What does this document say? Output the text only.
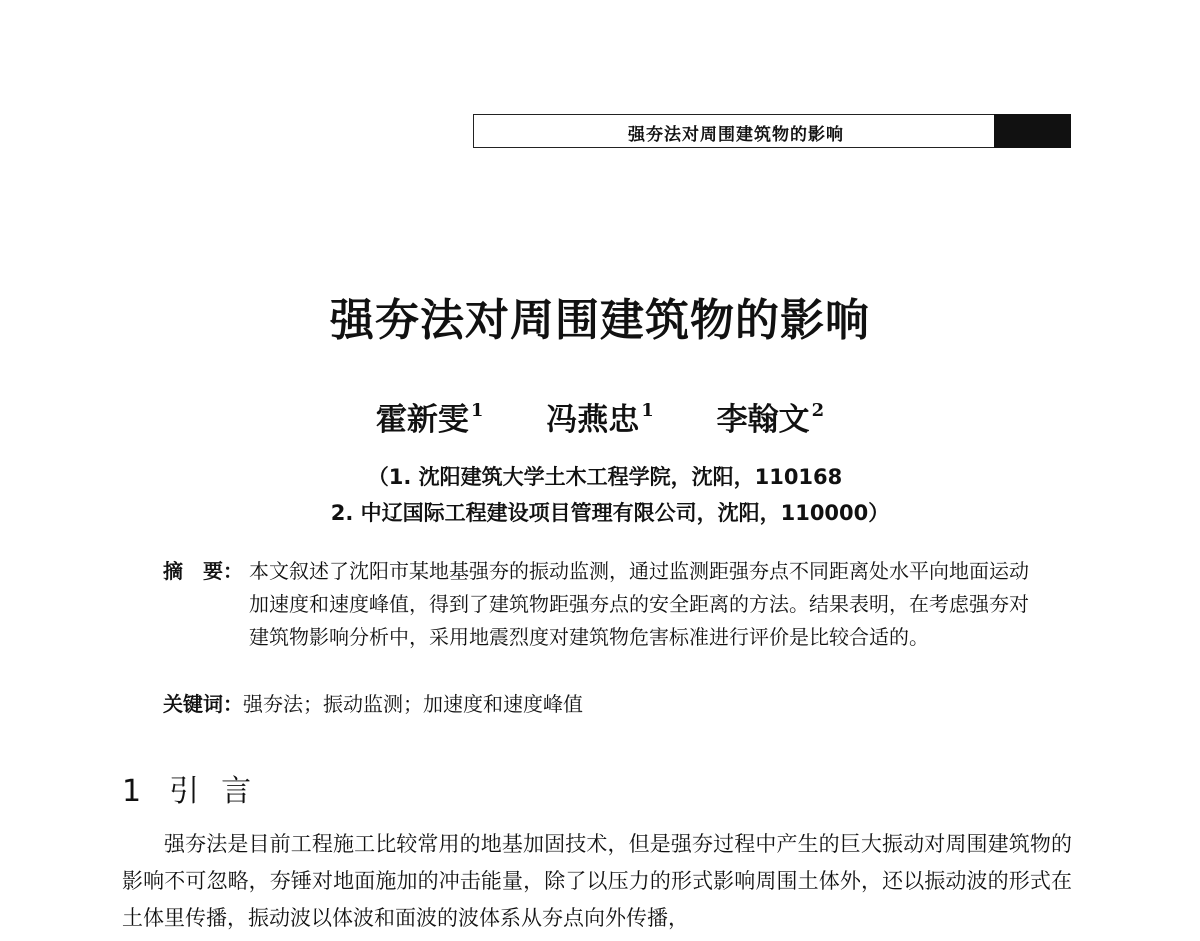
强夯法对周围建筑物的影响
强夯法对周围建筑物的影响
霍新雯 $^1$ 冯燕忠 $^1$ 李翰文 $^2$
（1. 沈阳建筑大学土木工程学院，沈阳，110168
2. 中辽国际工程建设项目管理有限公司，沈阳，110000）
摘　要： 本文叙述了沈阳市某地基强夯的振动监测，通过监测距强夯点不同距离处水平向地面运动加速度和速度峰值，得到了建筑物距强夯点的安全距离的方法。结果表明，在考虑强夯对建筑物影响分析中，采用地震烈度对建筑物危害标准进行评价是比较合适的。
关键词：强夯法；振动监测；加速度和速度峰值
1 引言
强夯法是目前工程施工比较常用的地基加固技术，但是强夯过程中产生的巨大振动对周围建筑物的影响不可忽略，夯锤对地面施加的冲击能量，除了以压力的形式影响周围土体外，还以振动波的形式在土体里传播，振动波以体波和面波的波体系从夯点向外传播，
